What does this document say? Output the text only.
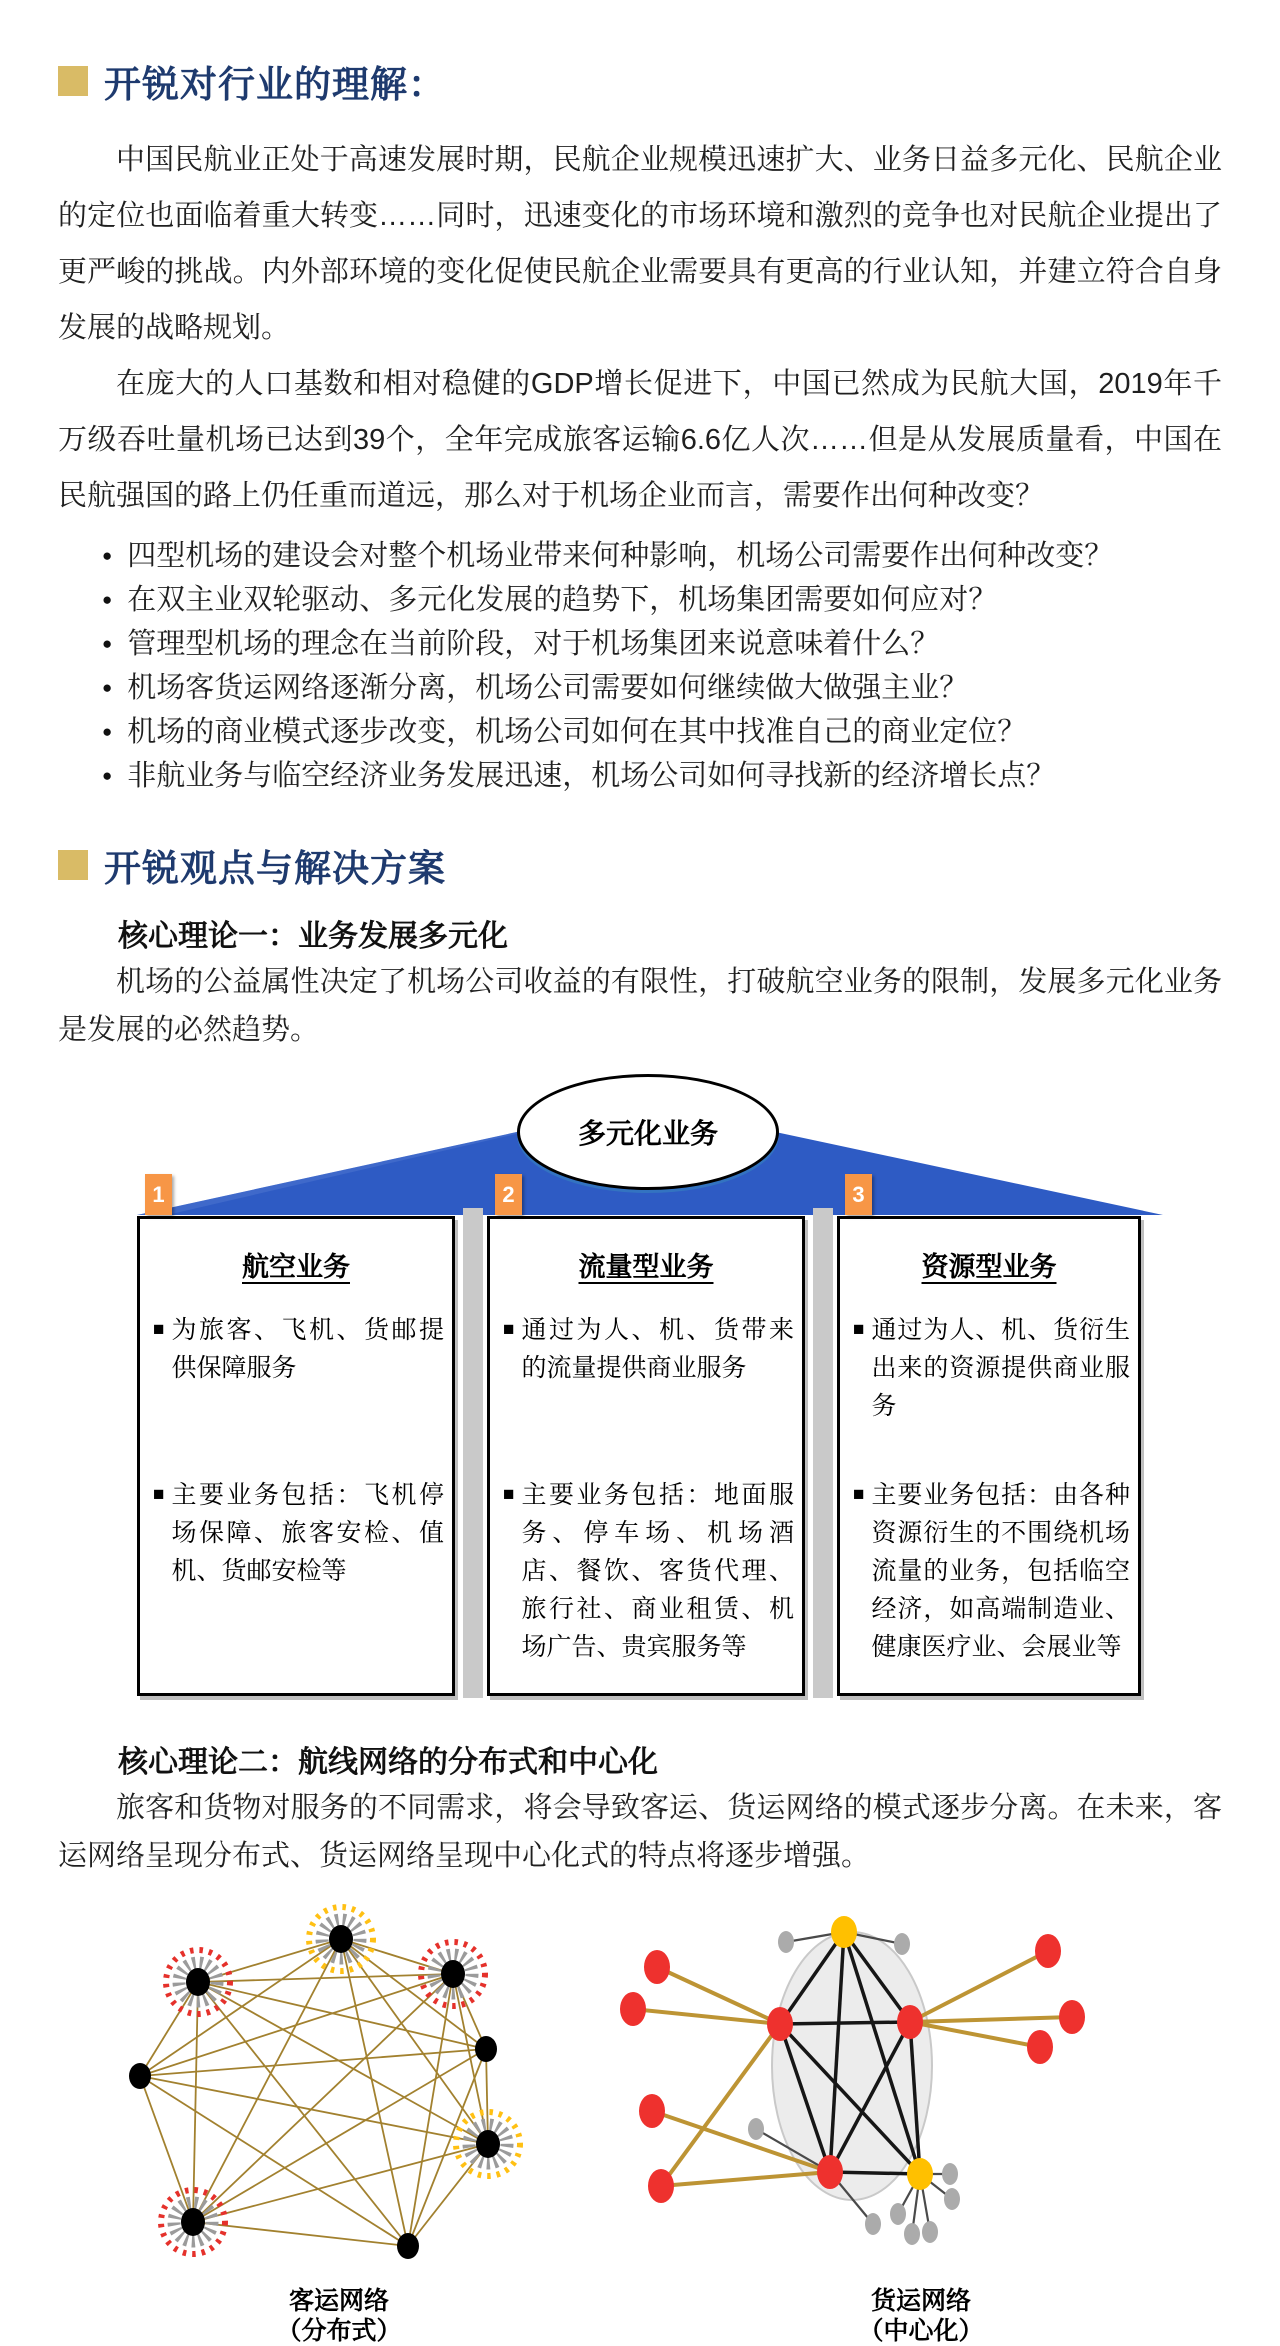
开锐对行业的理解：

中国民航业正处于高速发展时期，民航企业规模迅速扩大、业务日益多元化、民航企业的定位也面临着重大转变……同时，迅速变化的市场环境和激烈的竞争也对民航企业提出了更严峻的挑战。内外部环境的变化促使民航企业需要具有更高的行业认知，并建立符合自身发展的战略规划。

在庞大的人口基数和相对稳健的GDP增长促进下，中国已然成为民航大国，2019年千万级吞吐量机场已达到39个，全年完成旅客运输6.6亿人次……但是从发展质量看，中国在民航强国的路上仍任重而道远，那么对于机场企业而言，需要作出何种改变？

● 四型机场的建设会对整个机场业带来何种影响，机场公司需要作出何种改变？
● 在双主业双轮驱动、多元化发展的趋势下，机场集团需要如何应对？
● 管理型机场的理念在当前阶段，对于机场集团来说意味着什么？
● 机场客货运网络逐渐分离，机场公司需要如何继续做大做强主业？
● 机场的商业模式逐步改变，机场公司如何在其中找准自己的商业定位？
● 非航业务与临空经济业务发展迅速，机场公司如何寻找新的经济增长点？
开锐观点与解决方案

核心理论一：业务发展多元化

机场的公益属性决定了机场公司收益的有限性，打破航空业务的限制，发展多元化业务是发展的必然趋势。

多元化业务
1	2	3
航空业务
■ 为旅客、飞机、货邮提供保障服务
■ 主要业务包括：飞机停场保障、旅客安检、值机、货邮安检等
流量型业务
■ 通过为人、机、货带来的流量提供商业服务
■ 主要业务包括：地面服务、停车场、机场酒店、餐饮、客货代理、旅行社、商业租赁、机场广告、贵宾服务等
资源型业务
■ 通过为人、机、货衍生出来的资源提供商业服务
■ 主要业务包括：由各种资源衍生的不围绕机场流量的业务，包括临空经济，如高端制造业、健康医疗业、会展业等

核心理论二：航线网络的分布式和中心化

旅客和货物对服务的不同需求，将会导致客运、货运网络的模式逐步分离。在未来，客运网络呈现分布式、货运网络呈现中心化式的特点将逐步增强。

客运网络
（分布式）
货运网络
（中心化）
